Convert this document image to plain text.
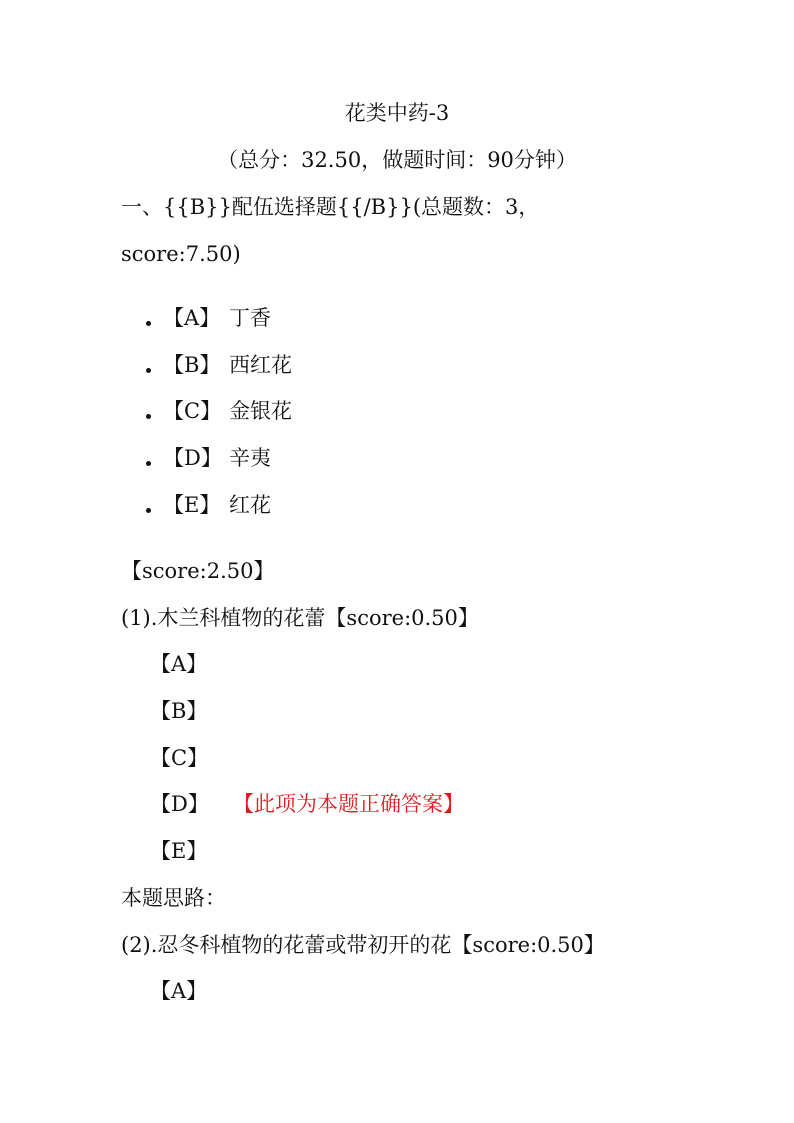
花类中药-3
（总分：32.50，做题时间：90分钟）
一、{{B}}配伍选择题{{/B}}(总题数：3，
score:7.50)
【A】 丁香
【B】 西红花
【C】 金银花
【D】 辛夷
【E】 红花
【score:2.50】
(1).木兰科植物的花蕾【score:0.50】
【A】
【B】
【C】
【D】 【此项为本题正确答案】
【E】
本题思路：
(2).忍冬科植物的花蕾或带初开的花【score:0.50】
【A】
